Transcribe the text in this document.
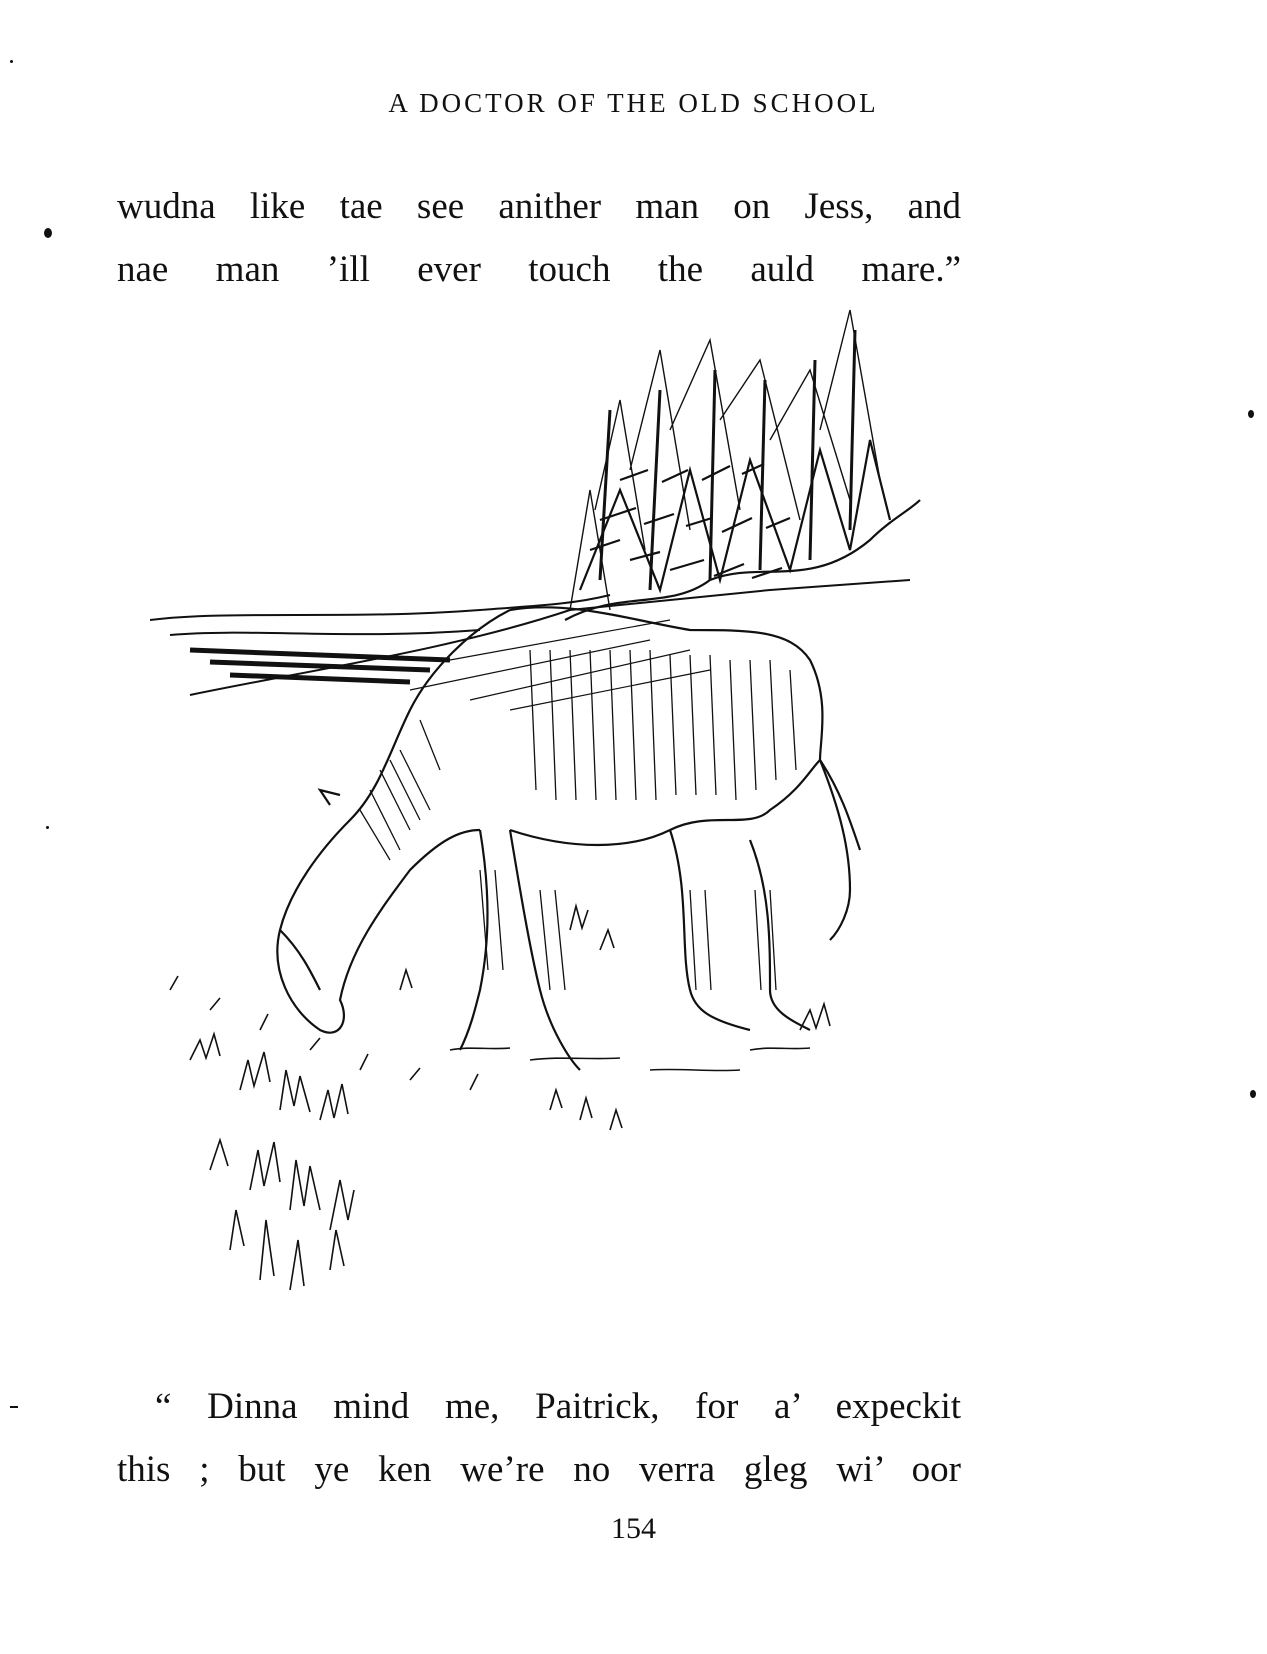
A DOCTOR OF THE OLD SCHOOL
wudna like tae see anither man on Jess, and
nae man ’ill ever touch the auld mare.”
“ Dinna mind me, Paitrick, for a’ expeckit
this ; but ye ken we’re no verra gleg wi’ oor
154
